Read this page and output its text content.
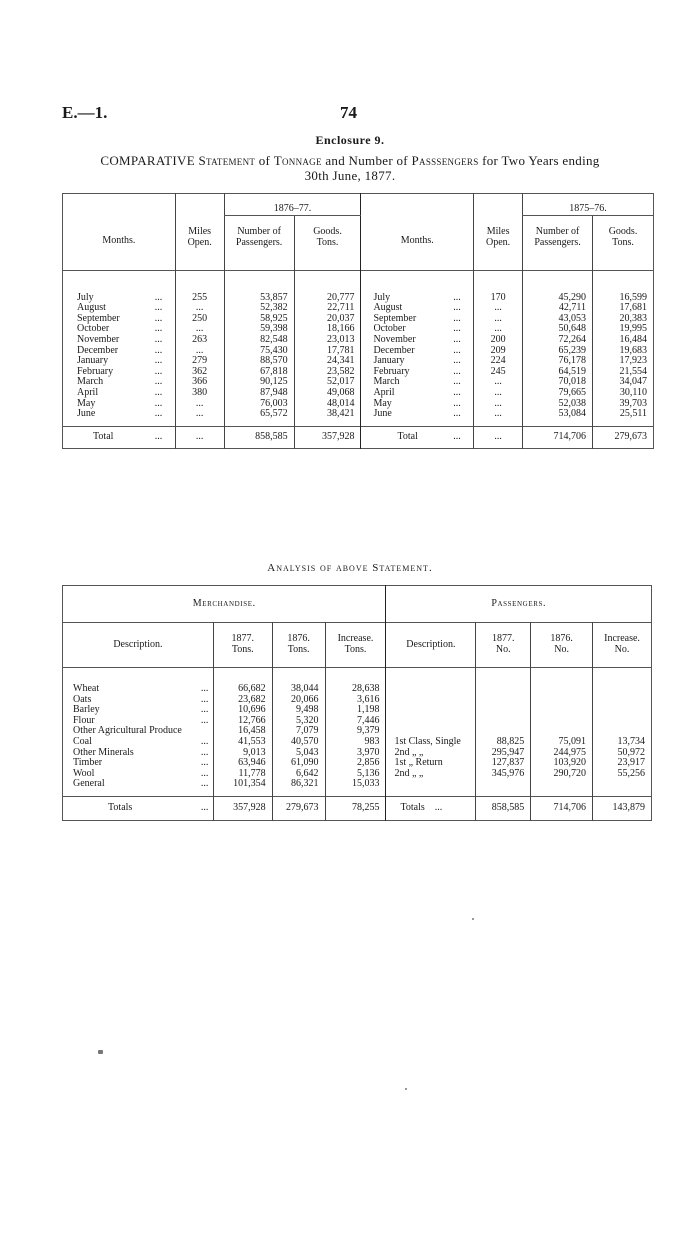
E.—1.	74
Enclosure 9.
COMPARATIVE Statement of Tonnage and Number of Passsengers for Two Years ending
30th June, 1877.
Months.		Miles Open.	1876–77.		Months.		Miles Open.	1875–76.	

			Number of Passengers.	Goods. Tons.				Number of Passengers.	Goods. Tons.

July	...	255	53,857	20,777	July	...	170	45,290	16,599
August	...	...	52,382	22,711	August	...	...	42,711	17,681
September	...	250	58,925	20,037	September	...	...	43,053	20,383
October	...	...	59,398	18,166	October	...	...	50,648	19,995
November	...	263	82,548	23,013	November	...	200	72,264	16,484
December	...	...	75,430	17,781	December	...	209	65,239	19,683
January	...	279	88,570	24,341	January	...	224	76,178	17,923
February	...	362	67,818	23,582	February	...	245	64,519	21,554
March	...	366	90,125	52,017	March	...	...	70,018	34,047
April	...	380	87,948	49,068	April	...	...	79,665	30,110
May	...	...	76,003	48,014	May	...	...	52,038	39,703
June	...	...	65,572	38,421	June	...	...	53,084	25,511
Total	...	...	858,585	357,928	Total	...	...	714,706	279,673
Analysis of above Statement.
Merchandise.					Passengers.			
Description.		1877. Tons.	1876. Tons.	Increase. Tons.	Description.	1877. No.	1876. No.	Increase. No.

Wheat	...	66,682	38,044	28,638				
Oats	...	23,682	20,066	3,616				
Barley	...	10,696	9,498	1,198				
Flour	...	12,766	5,320	7,446				
Other Agricultural Produce		16,458	7,079	9,379				
Coal	...	41,553	40,570	983	1st Class, Single	88,825	75,091	13,734
Other Minerals	...	9,013	5,043	3,970	2nd „ „	295,947	244,975	50,972
Timber	...	63,946	61,090	2,856	1st „ Return	127,837	103,920	23,917
Wool	...	11,778	6,642	5,136	2nd „ „	345,976	290,720	55,256
General	...	101,354	86,321	15,033				
Totals	...	357,928	279,673	78,255	Totals ...	858,585	714,706	143,879
